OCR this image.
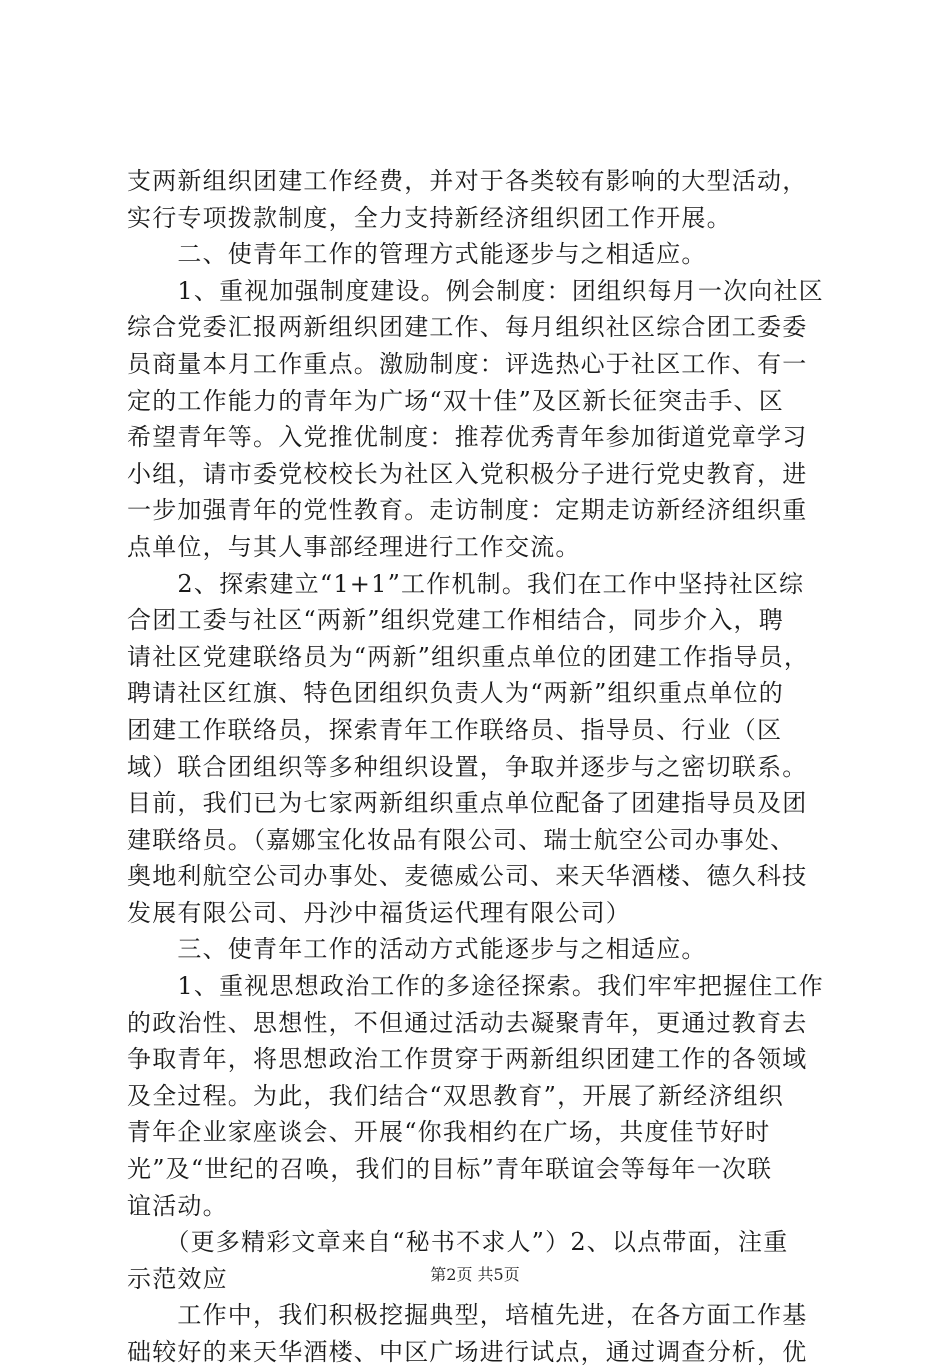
支两新组织团建工作经费，并对于各类较有影响的大型活动，
实行专项拨款制度，全力支持新经济组织团工作开展。
　　二、使青年工作的管理方式能逐步与之相适应。
　　1、重视加强制度建设。例会制度：团组织每月一次向社区
综合党委汇报两新组织团建工作、每月组织社区综合团工委委
员商量本月工作重点。激励制度：评选热心于社区工作、有一
定的工作能力的青年为广场“双十佳”及区新长征突击手、区
希望青年等。入党推优制度：推荐优秀青年参加街道党章学习
小组，请市委党校校长为社区入党积极分子进行党史教育，进
一步加强青年的党性教育。走访制度：定期走访新经济组织重
点单位，与其人事部经理进行工作交流。
　　2、探索建立“1+1”工作机制。我们在工作中坚持社区综
合团工委与社区“两新”组织党建工作相结合，同步介入，聘
请社区党建联络员为“两新”组织重点单位的团建工作指导员，
聘请社区红旗、特色团组织负责人为“两新”组织重点单位的
团建工作联络员，探索青年工作联络员、指导员、行业（区
域）联合团组织等多种组织设置，争取并逐步与之密切联系。
目前，我们已为七家两新组织重点单位配备了团建指导员及团
建联络员。（嘉娜宝化妆品有限公司、瑞士航空公司办事处、
奥地利航空公司办事处、麦德威公司、来天华酒楼、德久科技
发展有限公司、丹沙中福货运代理有限公司）
　　三、使青年工作的活动方式能逐步与之相适应。
　　1、重视思想政治工作的多途径探索。我们牢牢把握住工作
的政治性、思想性，不但通过活动去凝聚青年，更通过教育去
争取青年，将思想政治工作贯穿于两新组织团建工作的各领域
及全过程。为此，我们结合“双思教育”，开展了新经济组织
青年企业家座谈会、开展“你我相约在广场，共度佳节好时
光”及“世纪的召唤，我们的目标”青年联谊会等每年一次联
谊活动。
　　（更多精彩文章来自“秘书不求人”）2、以点带面，注重
示范效应
　　工作中，我们积极挖掘典型，培植先进，在各方面工作基
础较好的来天华酒楼、中区广场进行试点，通过调查分析，优
第2页 共5页
